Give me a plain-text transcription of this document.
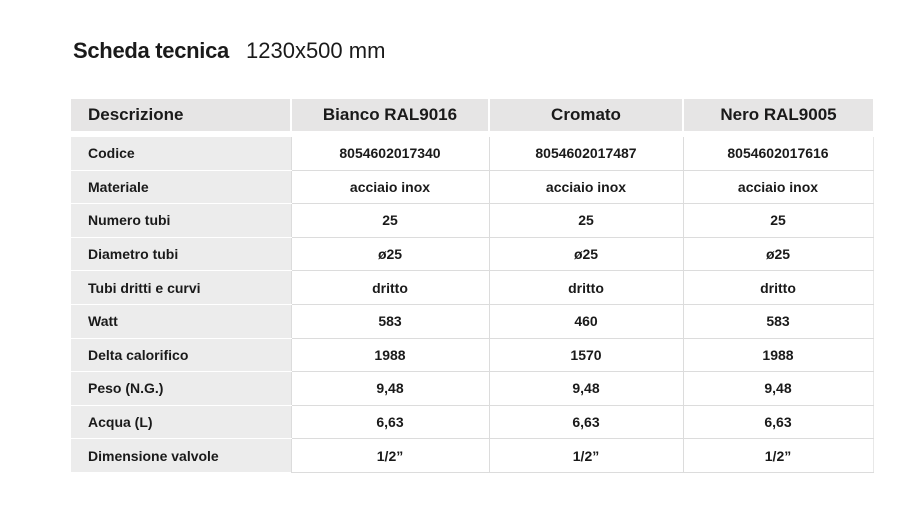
Scheda tecnica 1230x500 mm
Descrizione	Bianco RAL9016	Cromato	Nero RAL9005
Codice	8054602017340	8054602017487	8054602017616
Materiale	acciaio inox	acciaio inox	acciaio inox
Numero tubi	25	25	25
Diametro tubi	ø25	ø25	ø25
Tubi dritti e curvi	dritto	dritto	dritto
Watt	583	460	583
Delta calorifico	1988	1570	1988
Peso (N.G.)	9,48	9,48	9,48
Acqua (L)	6,63	6,63	6,63
Dimensione valvole	1/2”	1/2”	1/2”
